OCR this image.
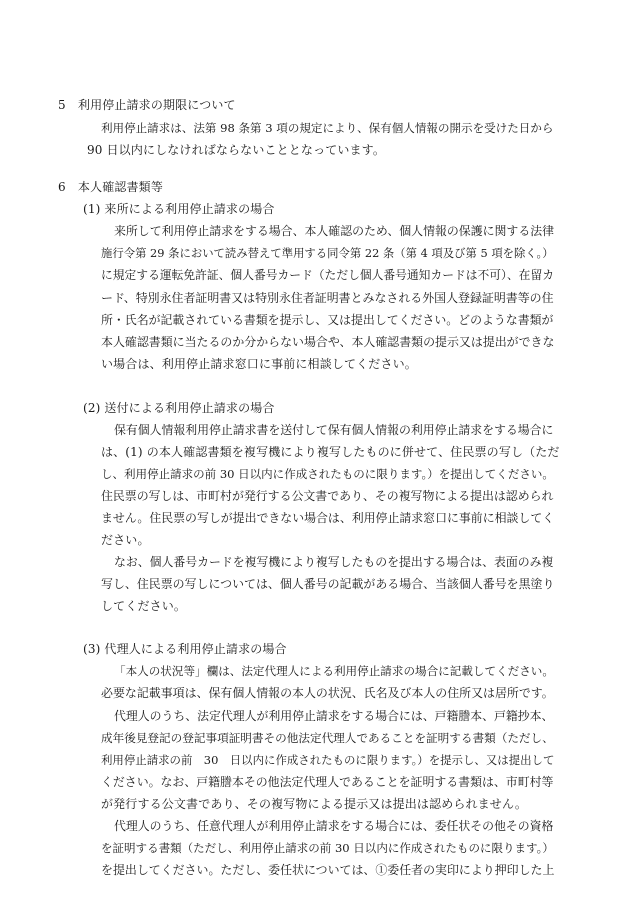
5　利用停止請求の期限について
利用停止請求は、法第 98 条第 3 項の規定により、保有個人情報の開示を受けた日から
90 日以内にしなければならないこととなっています。
6　本人確認書類等
(1) 来所による利用停止請求の場合
来所して利用停止請求をする場合、本人確認のため、個人情報の保護に関する法律
施行令第 29 条において読み替えて準用する同令第 22 条（第 4 項及び第 5 項を除く。）
に規定する運転免許証、個人番号カード（ただし個人番号通知カードは不可）、在留カ
ード、特別永住者証明書又は特別永住者証明書とみなされる外国人登録証明書等の住
所・氏名が記載されている書類を提示し、又は提出してください。どのような書類が
本人確認書類に当たるのか分からない場合や、本人確認書類の提示又は提出ができな
い場合は、利用停止請求窓口に事前に相談してください。
(2) 送付による利用停止請求の場合
保有個人情報利用停止請求書を送付して保有個人情報の利用停止請求をする場合に
は、(1) の本人確認書類を複写機により複写したものに併せて、住民票の写し（ただ
し、利用停止請求の前 30 日以内に作成されたものに限ります。）を提出してください。
住民票の写しは、市町村が発行する公文書であり、その複写物による提出は認められ
ません。住民票の写しが提出できない場合は、利用停止請求窓口に事前に相談してく
ださい。
なお、個人番号カードを複写機により複写したものを提出する場合は、表面のみ複
写し、住民票の写しについては、個人番号の記載がある場合、当該個人番号を黒塗り
してください。
(3) 代理人による利用停止請求の場合
「本人の状況等」欄は、法定代理人による利用停止請求の場合に記載してください。
必要な記載事項は、保有個人情報の本人の状況、氏名及び本人の住所又は居所です。
代理人のうち、法定代理人が利用停止請求をする場合には、戸籍謄本、戸籍抄本、
成年後見登記の登記事項証明書その他法定代理人であることを証明する書類（ただし、
利用停止請求の前　30　日以内に作成されたものに限ります。）を提示し、又は提出して
ください。なお、戸籍謄本その他法定代理人であることを証明する書類は、市町村等
が発行する公文書であり、その複写物による提示又は提出は認められません。
代理人のうち、任意代理人が利用停止請求をする場合には、委任状その他その資格
を証明する書類（ただし、利用停止請求の前 30 日以内に作成されたものに限ります。）
を提出してください。ただし、委任状については、①委任者の実印により押印した上
